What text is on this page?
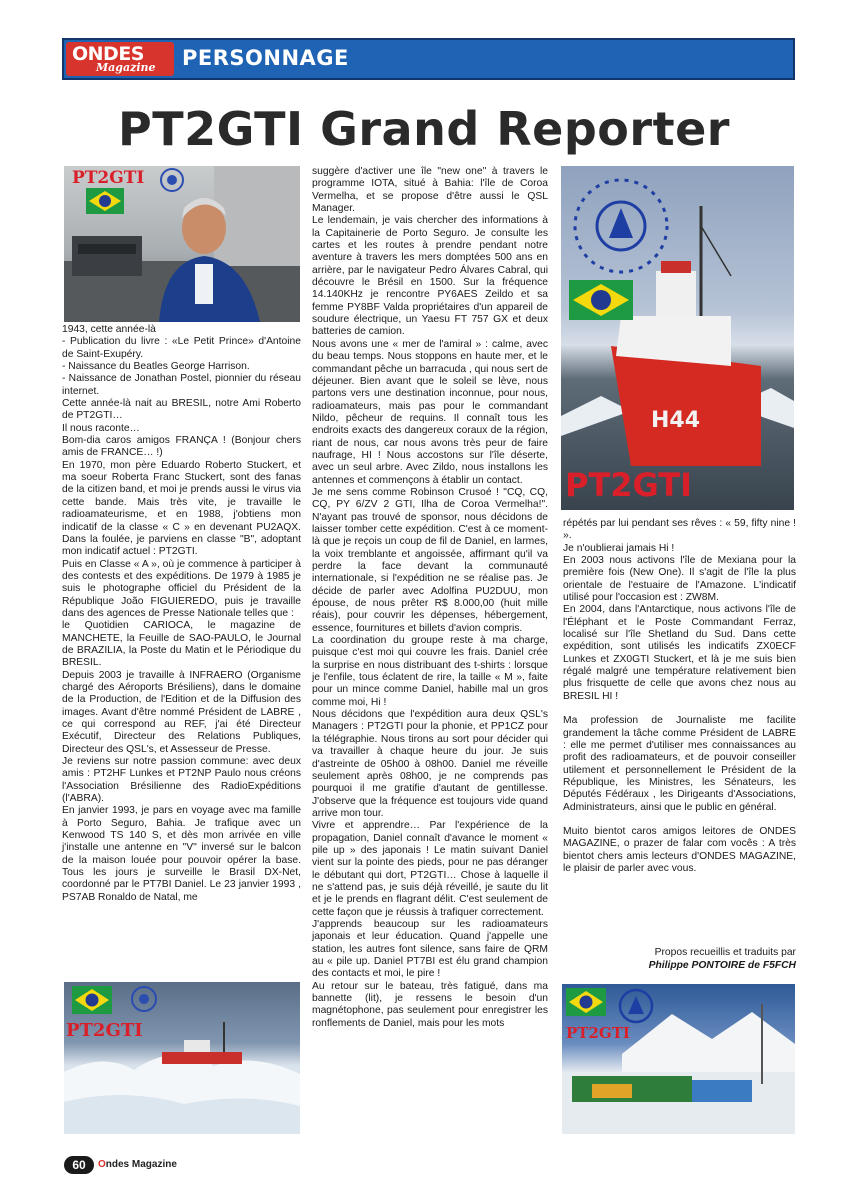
ONDES
Magazine PERSONNAGE
PT2GTI Grand Reporter
PT2GTI

1943, cette année-là

- Publication du livre : «Le Petit Prince» d'Antoine de Saint-Exupéry.

- Naissance du Beatles George Harrison.

- Naissance de Jonathan Postel, pionnier du réseau internet.

Cette année-là nait au BRESIL, notre Ami Roberto de PT2GTI…

Il nous raconte…

Bom-dia caros amigos FRANÇA ! (Bonjour chers amis de FRANCE… !)

En 1970, mon père Eduardo Roberto Stuckert, et ma soeur Roberta Franc Stuckert, sont des fanas de la citizen band, et moi je prends aussi le virus via cette bande. Mais très vite, je travaille le radioamateurisme, et en 1988, j'obtiens mon indicatif de la classe « C » en devenant PU2AQX. Dans la foulée, je parviens en classe "B", adoptant mon indicatif actuel : PT2GTI.

Puis en Classe « A », où je commence à participer à des contests et des expéditions. De 1979 à 1985 je suis le photographe officiel du Président de la République João FIGUIEREDO, puis je travaille dans des agences de Presse Nationale telles que :

le Quotidien CARIOCA, le magazine de MANCHETE, la Feuille de SAO-PAULO, le Journal de BRAZILIA, la Poste du Matin et le Périodique du BRESIL.

Depuis 2003 je travaille à INFRAERO (Organisme chargé des Aéroports Brésiliens), dans le domaine de la Production, de l'Edition et de la Diffusion des images. Avant d'être nommé Président de LABRE , ce qui correspond au REF, j'ai été Directeur Exécutif, Directeur des Relations Publiques, Directeur des QSL's, et Assesseur de Presse.

Je reviens sur notre passion commune: avec deux amis : PT2HF Lunkes et PT2NP Paulo nous créons l'Association Brésilienne des RadioExpéditions (l'ABRA).

En janvier 1993, je pars en voyage avec ma famille à Porto Seguro, Bahia. Je trafique avec un Kenwood TS 140 S, et dès mon arrivée en ville j'installe une antenne en "V" inversé sur le balcon de la maison louée pour pouvoir opérer la base. Tous les jours je surveille le Brasil DX-Net, coordonné par le PT7BI Daniel. Le 23 janvier 1993 , PS7AB Ronaldo de Natal, me

PT2GTI

suggère d'activer une île "new one" à travers le programme IOTA, situé à Bahia: l'île de Coroa Vermelha, et se propose d'être aussi le QSL Manager.

Le lendemain, je vais chercher des informations à la Capitainerie de Porto Seguro. Je consulte les cartes et les routes à prendre pendant notre aventure à travers les mers domptées 500 ans en arrière, par le navigateur Pedro Álvares Cabral, qui découvre le Brésil en 1500. Sur la fréquence 14.140KHz je rencontre PY6AES Zeildo et sa femme PY8BF Valda propriétaires d'un appareil de soudure électrique, un Yaesu FT 757 GX et deux batteries de camion.

Nous avons une « mer de l'amiral » : calme, avec du beau temps. Nous stoppons en haute mer, et le commandant pêche un barracuda , qui nous sert de déjeuner. Bien avant que le soleil se lève, nous partons vers une destination inconnue, pour nous, radioamateurs, mais pas pour le commandant Nildo, pêcheur de requins. Il connaît tous les endroits exacts des dangereux coraux de la région, riant de nous, car nous avons très peur de faire naufrage, HI ! Nous accostons sur l'île déserte, avec un seul arbre. Avec Zildo, nous installons les antennes et commençons à établir un contact.

Je me sens comme Robinson Crusoé ! "CQ, CQ, CQ, PY 6/ZV 2 GTI, Ilha de Coroa Vermelha!". N'ayant pas trouvé de sponsor, nous décidons de laisser tomber cette expédition. C'est à ce moment-là que je reçois un coup de fil de Daniel, en larmes, la voix tremblante et angoissée, affirmant qu'il va perdre la face devant la communauté internationale, si l'expédition ne se réalise pas. Je décide de parler avec Adolfina PU2DUU, mon épouse, de nous prêter R$ 8.000,00 (huit mille réais), pour couvrir les dépenses, hébergement, essence, fournitures et billets d'avion compris.

La coordination du groupe reste à ma charge, puisque c'est moi qui couvre les frais. Daniel crée la surprise en nous distribuant des t-shirts : lorsque je l'enfile, tous éclatent de rire, la taille « M », faite pour un mince comme Daniel, habille mal un gros comme moi, Hi !

Nous décidons que l'expédition aura deux QSL's Managers : PT2GTI pour la phonie, et PP1CZ pour la télégraphie. Nous tirons au sort pour décider qui va travailler à chaque heure du jour. Je suis d'astreinte de 05h00 à 08h00. Daniel me réveille seulement après 08h00, je ne comprends pas pourquoi il me gratifie d'autant de gentillesse. J'observe que la fréquence est toujours vide quand arrive mon tour.

Vivre et apprendre… Par l'expérience de la propagation, Daniel connaît d'avance le moment « pile up » des japonais ! Le matin suivant Daniel vient sur la pointe des pieds, pour ne pas déranger le débutant qui dort, PT2GTI… Chose à laquelle il ne s'attend pas, je suis déjà réveillé, je saute du lit et je le prends en flagrant délit. C'est seulement de cette façon que je réussis à trafiquer correctement.

J'apprends beaucoup sur les radioamateurs japonais et leur éducation. Quand j'appelle une station, les autres font silence, sans faire de QRM au « pile up. Daniel PT7BI est élu grand champion des contacts et moi, le pire !

Au retour sur le bateau, très fatigué, dans ma bannette (lit), je ressens le besoin d'un magnétophone, pas seulement pour enregistrer les ronflements de Daniel, mais pour les mots

H44
PT2GTI

répétés par lui pendant ses rêves : « 59, fifty nine ! ».

Je n'oublierai jamais Hi !

En 2003 nous activons l'île de Mexiana pour la première fois (New One). Il s'agit de l'île la plus orientale de l'estuaire de l'Amazone. L'indicatif utilisé pour l'occasion est : ZW8M.

En 2004, dans l'Antarctique, nous activons l'île de l'Éléphant et le Poste Commandant Ferraz, localisé sur l'île Shetland du Sud. Dans cette expédition, sont utilisés les indicatifs ZX0ECF Lunkes et ZX0GTI Stuckert, et là je me suis bien régalé malgré une température relativement bien plus frisquette de celle que avons chez nous au BRESIL HI !

Ma profession de Journaliste me facilite grandement la tâche comme Président de LABRE : elle me permet d'utiliser mes connaissances au profit des radioamateurs, et de pouvoir conseiller utilement et personnellement le Président de la République, les Ministres, les Sénateurs, les Députés Fédéraux , les Dirigeants d'Associations, Administrateurs, ainsi que le public en général.

Muito bientot caros amigos leitores de ONDES MAGAZINE, o prazer de falar com vocês : A très bientot chers amis lecteurs d'ONDES MAGAZINE, le plaisir de parler avec vous.

Propos recueillis et traduits par
Philippe PONTOIRE de F5FCH
PT2GTI
60	Ondes Magazine
